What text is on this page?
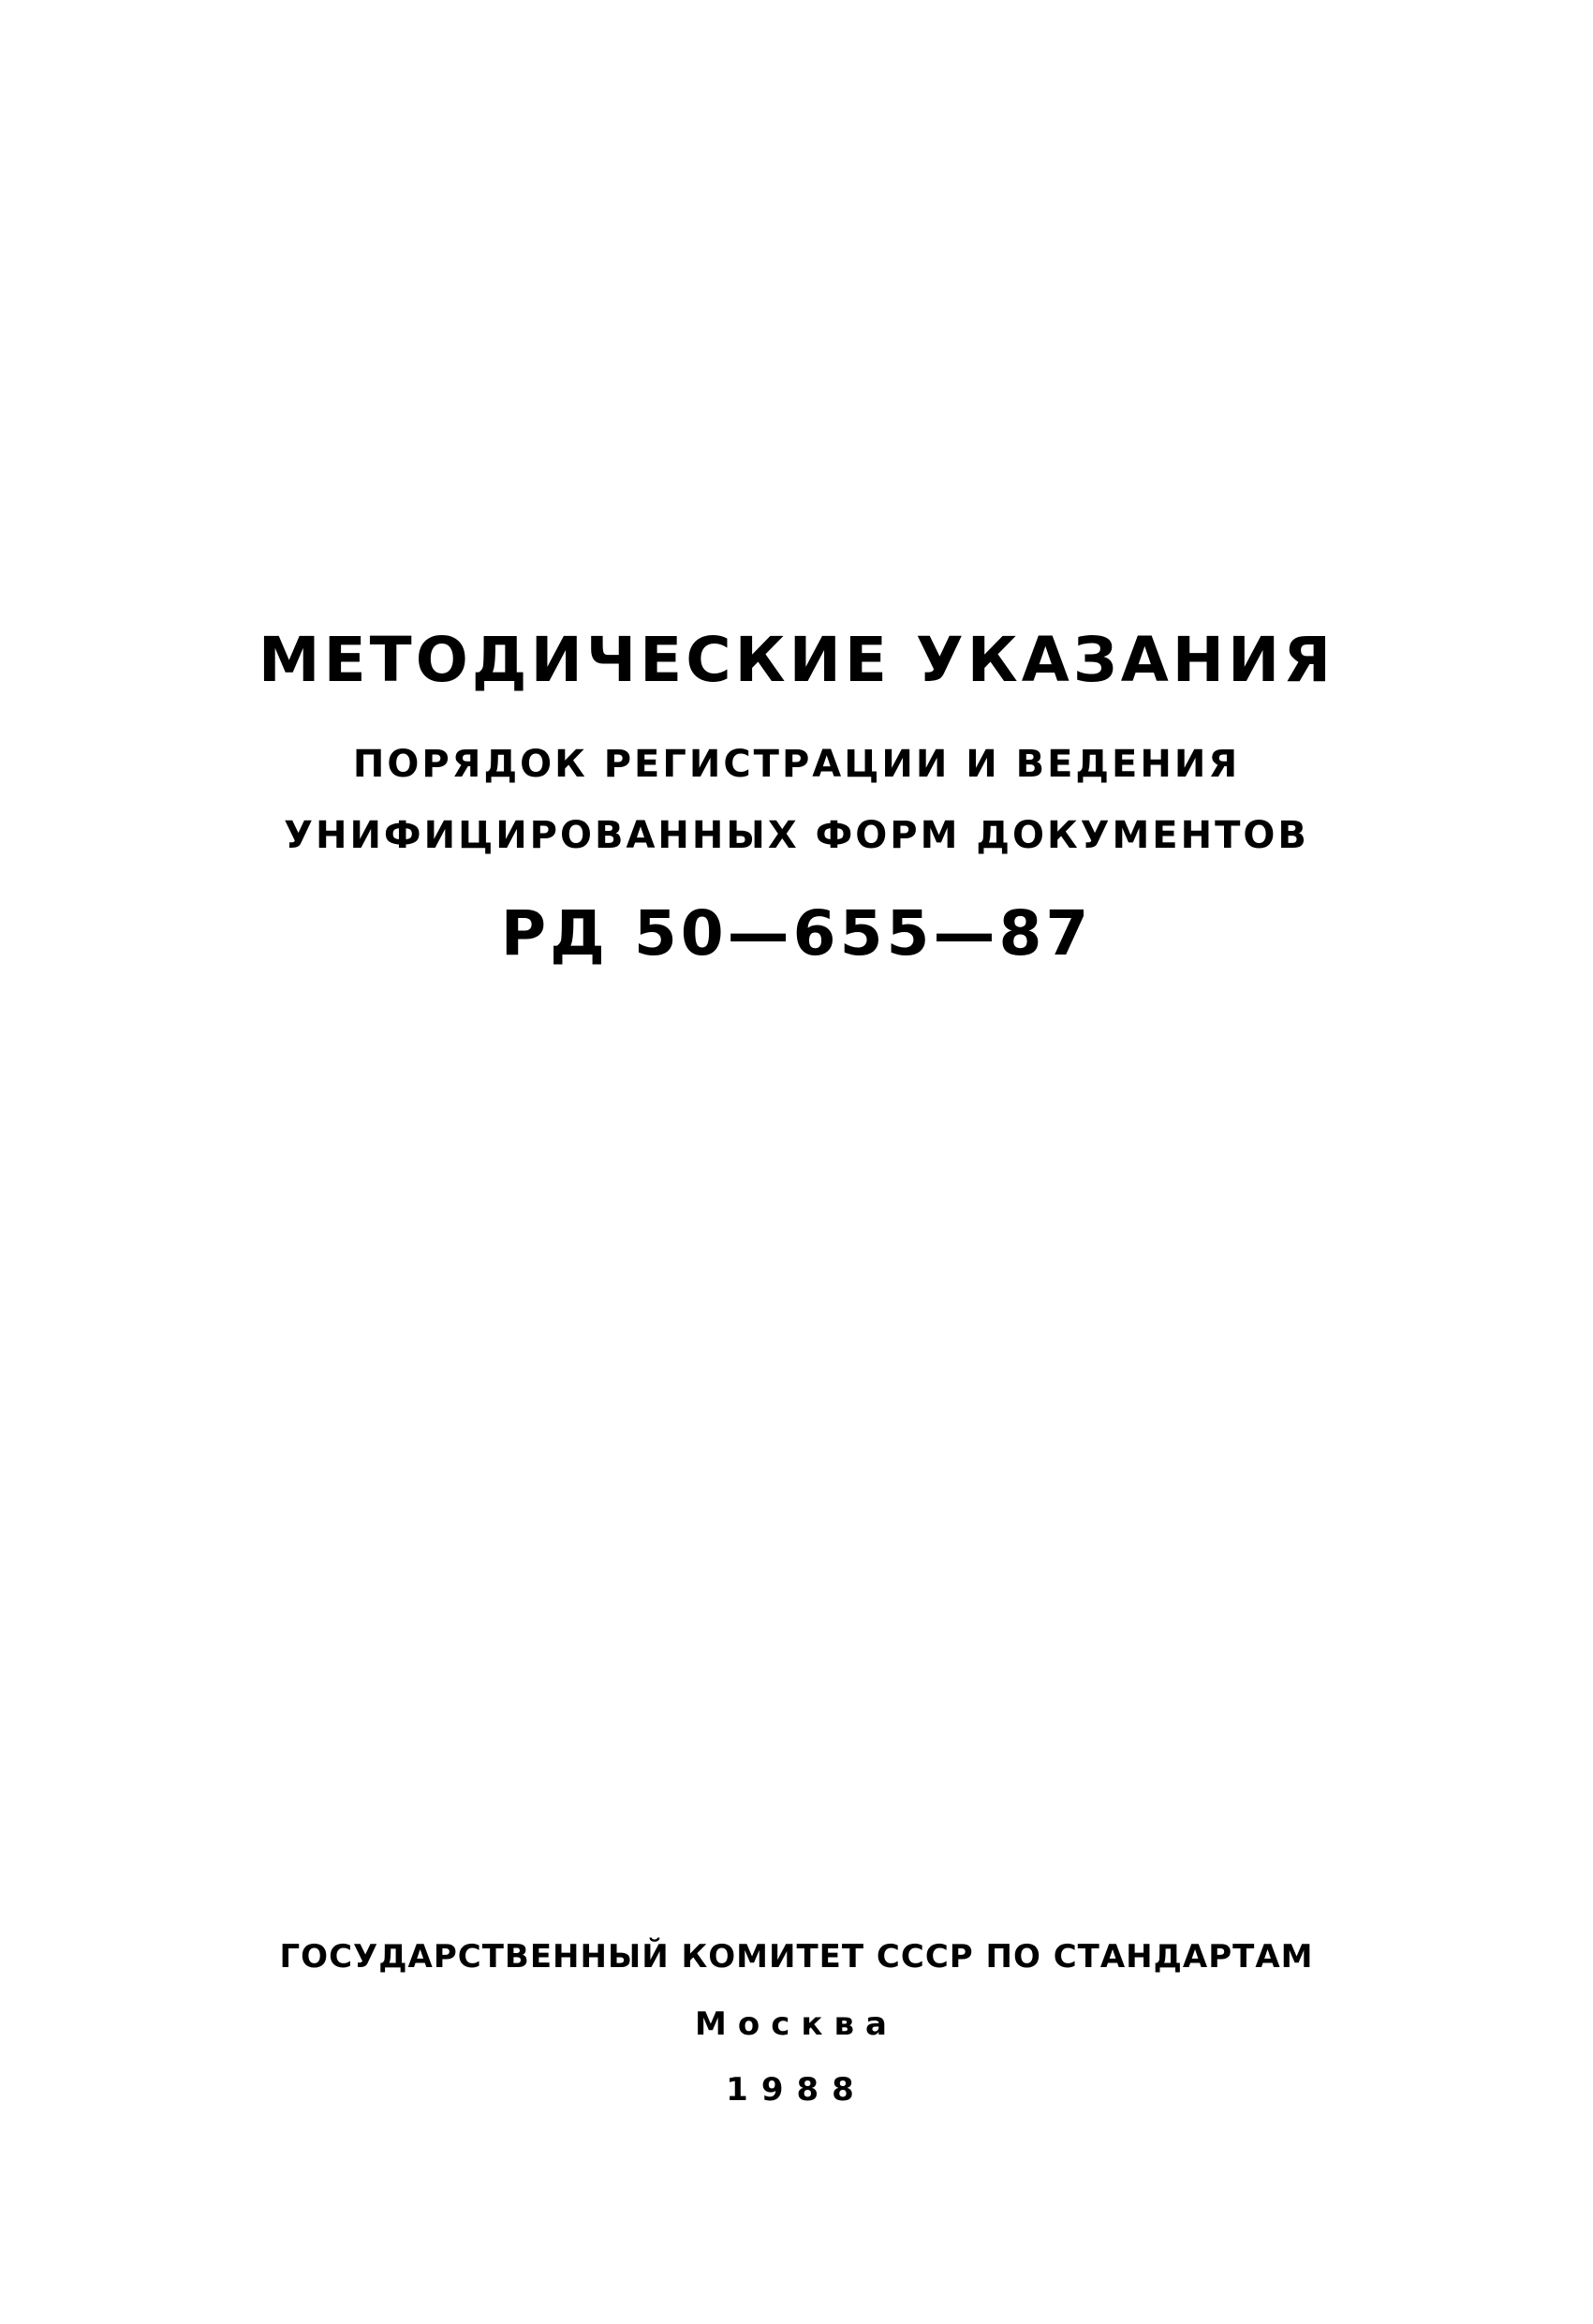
МЕТОДИЧЕСКИЕ УКАЗАНИЯ

ПОРЯДОК РЕГИСТРАЦИИ И ВЕДЕНИЯ

УНИФИЦИРОВАННЫХ ФОРМ ДОКУМЕНТОВ

РД 50—655—87

ГОСУДАРСТВЕННЫЙ КОМИТЕТ СССР ПО СТАНДАРТАМ

Москва

1988
